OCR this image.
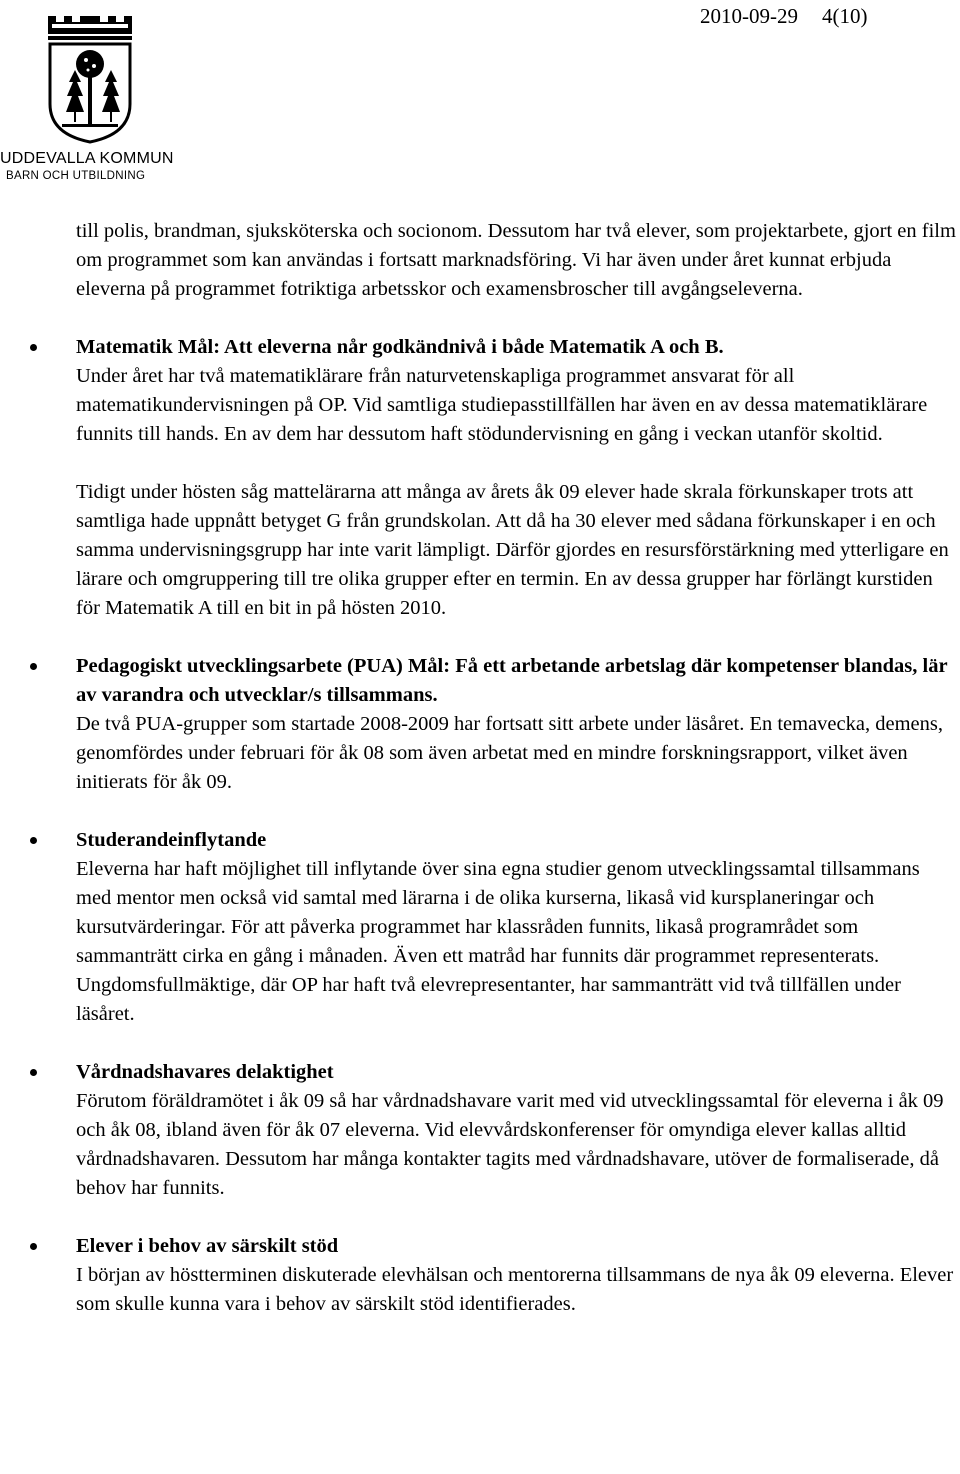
UDDEVALLA KOMMUN
BARN OCH UTBILDNING
2010-09-29 4(10)

till polis, brandman, sjuksköterska och socionom. Dessutom har två elever, som projektarbete, gjort en film om programmet som kan användas i fortsatt marknadsföring. Vi har även under året kunnat erbjuda eleverna på programmet fotriktiga arbetsskor och examensbroscher till avgångseleverna.

Matematik Mål: Att eleverna når godkändnivå i både Matematik A och B.

Under året har två matematiklärare från naturvetenskapliga programmet ansvarat för all matematikundervisningen på OP. Vid samtliga studiepasstillfällen har även en av dessa matematiklärare funnits till hands. En av dem har dessutom haft stödundervisning en gång i veckan utanför skoltid.

Tidigt under hösten såg mattelärarna att många av årets åk 09 elever hade skrala förkunskaper trots att samtliga hade uppnått betyget G från grundskolan. Att då ha 30 elever med sådana förkunskaper i en och samma undervisningsgrupp har inte varit lämpligt. Därför gjordes en resursförstärkning med ytterligare en lärare och omgruppering till tre olika grupper efter en termin. En av dessa grupper har förlängt kurstiden för Matematik A till en bit in på hösten 2010.

Pedagogiskt utvecklingsarbete (PUA) Mål: Få ett arbetande arbetslag där kompetenser blandas, lär av varandra och utvecklar/s tillsammans.

De två PUA-grupper som startade 2008-2009 har fortsatt sitt arbete under läsåret. En temavecka, demens, genomfördes under februari för åk 08 som även arbetat med en mindre forskningsrapport, vilket även initierats för åk 09.

Studerandeinflytande

Eleverna har haft möjlighet till inflytande över sina egna studier genom utvecklingssamtal tillsammans med mentor men också vid samtal med lärarna i de olika kurserna, likaså vid kursplaneringar och kursutvärderingar. För att påverka programmet har klassråden funnits, likaså programrådet som sammanträtt cirka en gång i månaden. Även ett matråd har funnits där programmet representerats. Ungdomsfullmäktige, där OP har haft två elevrepresentanter, har sammanträtt vid två tillfällen under läsåret.

Vårdnadshavares delaktighet

Förutom föräldramötet i åk 09 så har vårdnadshavare varit med vid utvecklingssamtal för eleverna i åk 09 och åk 08, ibland även för åk 07 eleverna. Vid elevvårdskonferenser för omyndiga elever kallas alltid vårdnadshavaren. Dessutom har många kontakter tagits med vårdnadshavare, utöver de formaliserade, då behov har funnits.

Elever i behov av särskilt stöd

I början av höstterminen diskuterade elevhälsan och mentorerna tillsammans de nya åk 09 eleverna. Elever som skulle kunna vara i behov av särskilt stöd identifierades.
